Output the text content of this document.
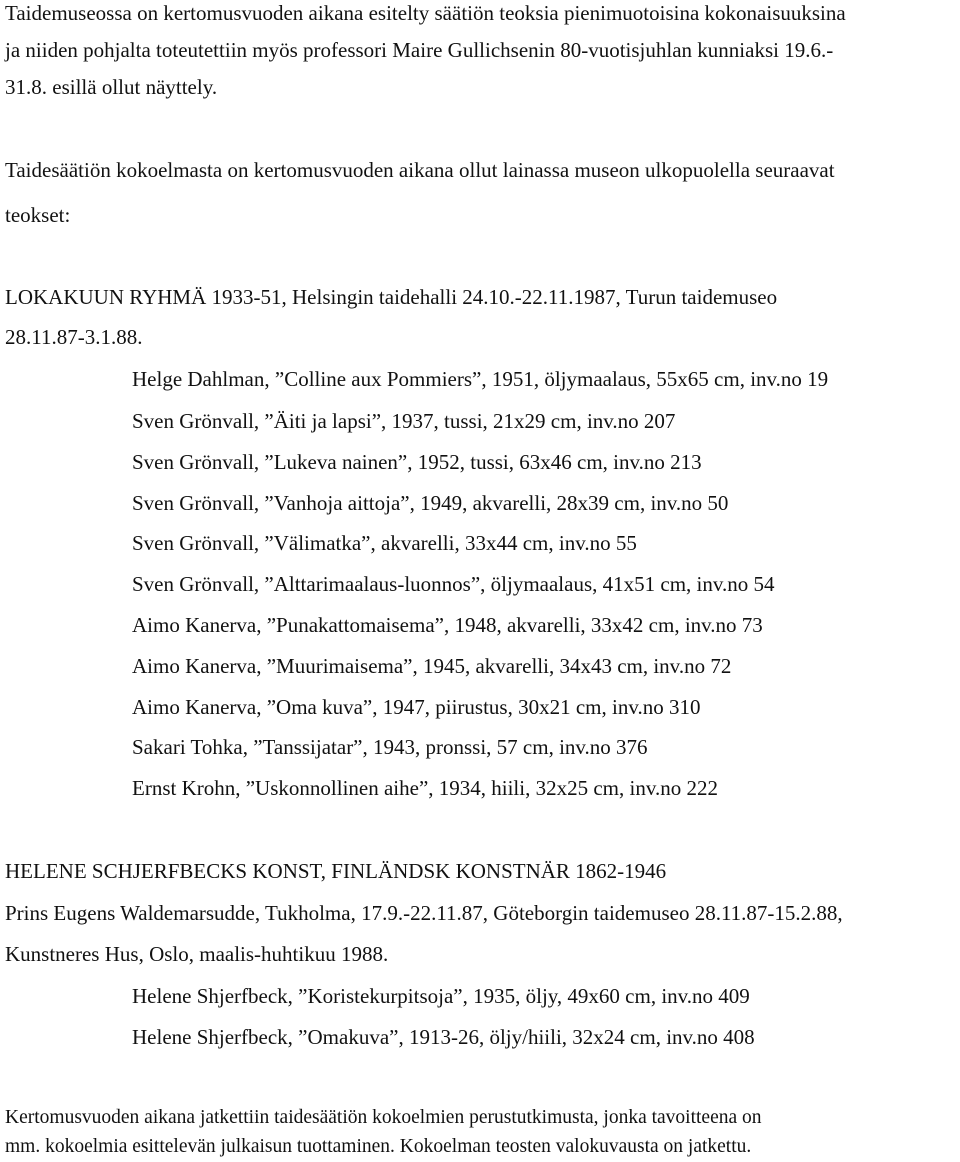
Taidemuseossa on kertomusvuoden aikana esitelty säätiön teoksia pienimuotoisina kokonaisuuksina
ja niiden pohjalta toteutettiin myös professori Maire Gullichsenin 80-vuotisjuhlan kunniaksi 19.6.-
31.8. esillä ollut näyttely.
Taidesäätiön kokoelmasta on kertomusvuoden aikana ollut lainassa museon ulkopuolella seuraavat
teokset:
LOKAKUUN RYHMÄ 1933-51, Helsingin taidehalli 24.10.-22.11.1987, Turun taidemuseo
28.11.87-3.1.88.
Helge Dahlman, ”Colline aux Pommiers”, 1951, öljymaalaus, 55x65 cm, inv.no 19
Sven Grönvall, ”Äiti ja lapsi”, 1937, tussi, 21x29 cm, inv.no 207
Sven Grönvall, ”Lukeva nainen”, 1952, tussi, 63x46 cm, inv.no 213
Sven Grönvall, ”Vanhoja aittoja”, 1949, akvarelli, 28x39 cm, inv.no 50
Sven Grönvall, ”Välimatka”, akvarelli, 33x44 cm, inv.no 55
Sven Grönvall, ”Alttarimaalaus-luonnos”, öljymaalaus, 41x51 cm, inv.no 54
Aimo Kanerva, ”Punakattomaisema”, 1948, akvarelli, 33x42 cm, inv.no 73
Aimo Kanerva, ”Muurimaisema”, 1945, akvarelli, 34x43 cm, inv.no 72
Aimo Kanerva, ”Oma kuva”, 1947, piirustus, 30x21 cm, inv.no 310
Sakari Tohka, ”Tanssijatar”, 1943, pronssi, 57 cm, inv.no 376
Ernst Krohn, ”Uskonnollinen aihe”, 1934, hiili, 32x25 cm, inv.no 222
HELENE SCHJERFBECKS KONST, FINLÄNDSK KONSTNÄR 1862-1946
Prins Eugens Waldemarsudde, Tukholma, 17.9.-22.11.87, Göteborgin taidemuseo 28.11.87-15.2.88,
Kunstneres Hus, Oslo, maalis-huhtikuu 1988.
Helene Shjerfbeck, ”Koristekurpitsoja”, 1935, öljy, 49x60 cm, inv.no 409
Helene Shjerfbeck, ”Omakuva”, 1913-26, öljy/hiili, 32x24 cm, inv.no 408
Kertomusvuoden aikana jatkettiin taidesäätiön kokoelmien perustutkimusta, jonka tavoitteena on
mm. kokoelmia esittelevän julkaisun tuottaminen. Kokoelman teosten valokuvausta on jatkettu.
